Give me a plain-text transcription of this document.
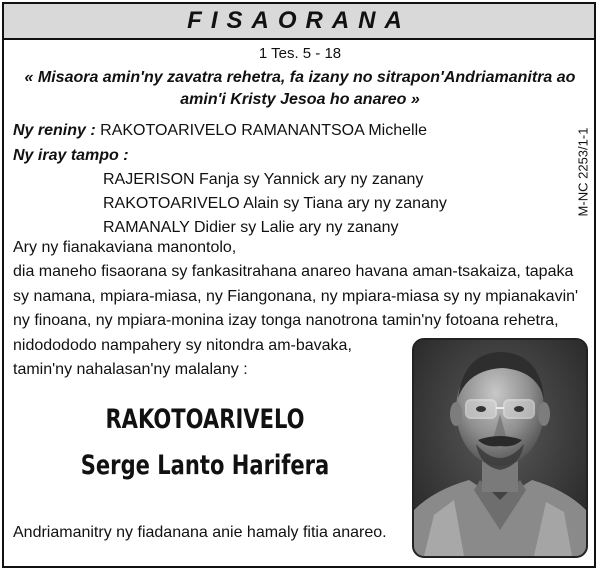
FISAORANA
1 Tes. 5 - 18
« Misaora amin'ny zavatra rehetra, fa izany no sitrapon'Andriamanitra ao
amin'i Kristy Jesoa ho anareo »
Ny reniny : RAKOTOARIVELO RAMANANTSOA Michelle
Ny iray tampo :
RAJERISON Fanja sy Yannick ary ny zanany
RAKOTOARIVELO Alain sy Tiana ary ny zanany
RAMANALY Didier sy Lalie ary ny zanany
M-NC 2253/1-1
Ary ny fianakaviana manontolo,
dia maneho fisaorana sy fankasitrahana anareo havana aman-tsakaiza, tapaka
sy namana, mpiara-miasa, ny Fiangonana, ny mpiara-miasa sy ny mpianakavin'
ny finoana, ny mpiara-monina izay tonga nanotrona tamin'ny fotoana rehetra,
nidodododo nampahery sy nitondra am-bavaka,
tamin'ny nahalasan'ny malalany :
RAKOTOARIVELO
Serge Lanto Harifera
Andriamanitry ny fiadanana anie hamaly fitia anareo.
